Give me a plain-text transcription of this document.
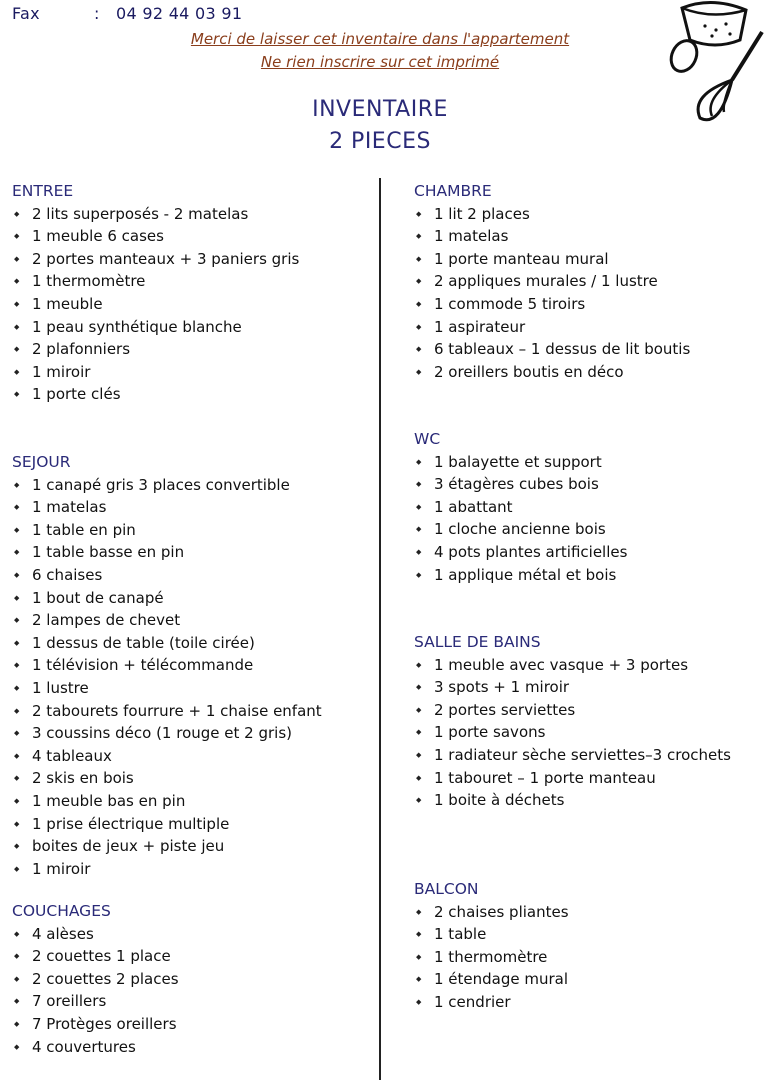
Fax	: 04 92 44 03 91
Merci de laisser cet inventaire dans l'appartement
Ne rien inscrire sur cet imprimé
INVENTAIRE
2 PIECES
ENTREE
◆ 2 lits superposés - 2 matelas
◆ 1 meuble 6 cases
◆ 2 portes manteaux + 3 paniers gris
◆ 1 thermomètre
◆ 1 meuble
◆ 1 peau synthétique blanche
◆ 2 plafonniers
◆ 1 miroir
◆ 1 porte clés
SEJOUR
◆ 1 canapé gris 3 places convertible
◆ 1 matelas
◆ 1 table en pin
◆ 1 table basse en pin
◆ 6 chaises
◆ 1 bout de canapé
◆ 2 lampes de chevet
◆ 1 dessus de table (toile cirée)
◆ 1 télévision + télécommande
◆ 1 lustre
◆ 2 tabourets fourrure + 1 chaise enfant
◆ 3 coussins déco (1 rouge et 2 gris)
◆ 4 tableaux
◆ 2 skis en bois
◆ 1 meuble bas en pin
◆ 1 prise électrique multiple
◆ boites de jeux + piste jeu
◆ 1 miroir
COUCHAGES
◆ 4 alèses
◆ 2 couettes 1 place
◆ 2 couettes 2 places
◆ 7 oreillers
◆ 7 Protèges oreillers
◆ 4 couvertures
CHAMBRE
◆ 1 lit 2 places
◆ 1 matelas
◆ 1 porte manteau mural
◆ 2 appliques murales / 1 lustre
◆ 1 commode 5 tiroirs
◆ 1 aspirateur
◆ 6 tableaux – 1 dessus de lit boutis
◆ 2 oreillers boutis en déco
WC
◆ 1 balayette et support
◆ 3 étagères cubes bois
◆ 1 abattant
◆ 1 cloche ancienne bois
◆ 4 pots plantes artificielles
◆ 1 applique métal et bois
SALLE DE BAINS
◆ 1 meuble avec vasque + 3 portes
◆ 3 spots + 1 miroir
◆ 2 portes serviettes
◆ 1 porte savons
◆ 1 radiateur sèche serviettes–3 crochets
◆ 1 tabouret – 1 porte manteau
◆ 1 boite à déchets
BALCON
◆ 2 chaises pliantes
◆ 1 table
◆ 1 thermomètre
◆ 1 étendage mural
◆ 1 cendrier
